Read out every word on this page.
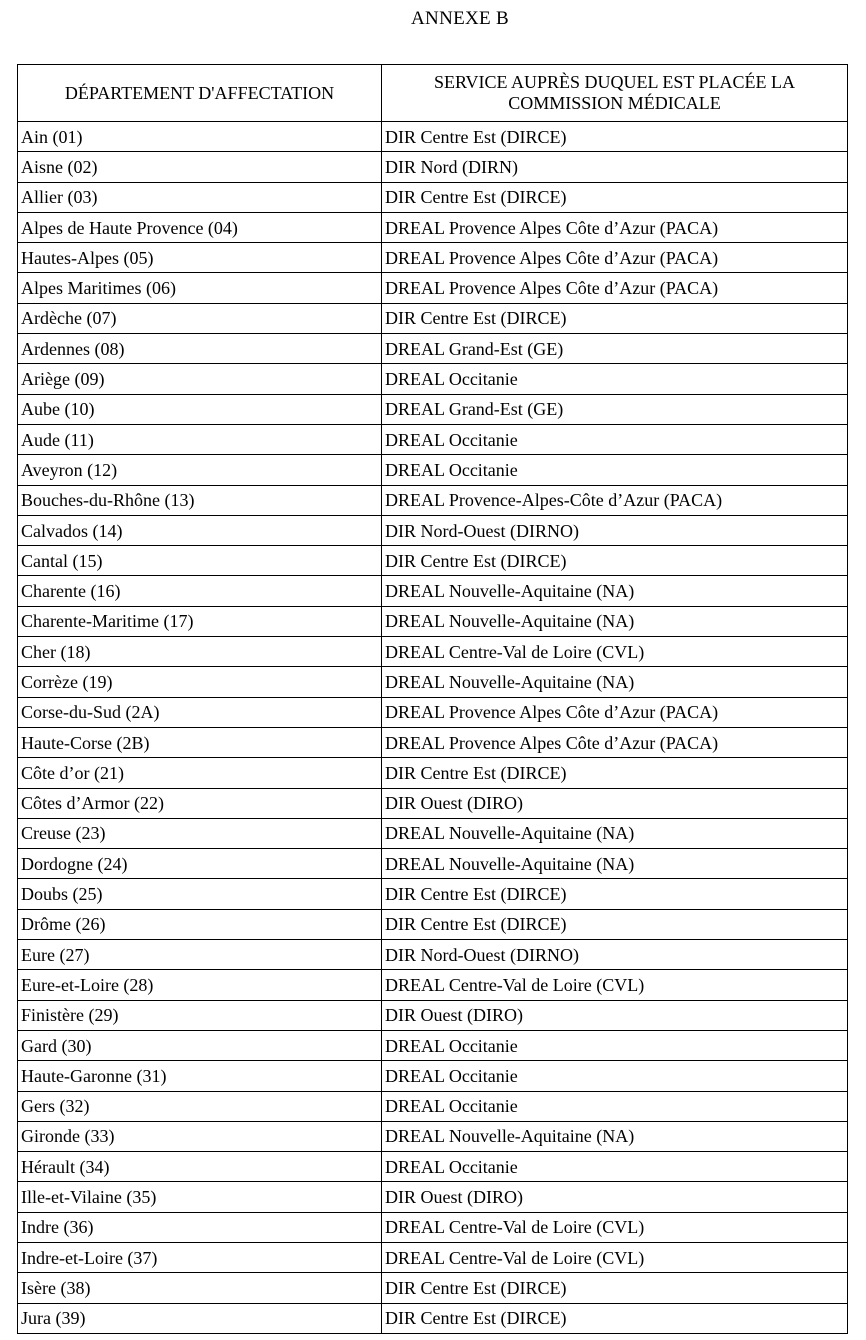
ANNEXE B
DÉPARTEMENT D'AFFECTATION	SERVICE AUPRÈS DUQUEL EST PLACÉE LA COMMISSION MÉDICALE
Ain (01)	DIR Centre Est (DIRCE)
Aisne (02)	DIR Nord (DIRN)
Allier (03)	DIR Centre Est (DIRCE)
Alpes de Haute Provence (04)	DREAL Provence Alpes Côte d’Azur (PACA)
Hautes-Alpes (05)	DREAL Provence Alpes Côte d’Azur (PACA)
Alpes Maritimes (06)	DREAL Provence Alpes Côte d’Azur (PACA)
Ardèche (07)	DIR Centre Est (DIRCE)
Ardennes (08)	DREAL Grand-Est (GE)
Ariège (09)	DREAL Occitanie
Aube (10)	DREAL Grand-Est (GE)
Aude (11)	DREAL Occitanie
Aveyron (12)	DREAL Occitanie
Bouches-du-Rhône (13)	DREAL Provence-Alpes-Côte d’Azur (PACA)
Calvados (14)	DIR Nord-Ouest (DIRNO)
Cantal (15)	DIR Centre Est (DIRCE)
Charente (16)	DREAL Nouvelle-Aquitaine (NA)
Charente-Maritime (17)	DREAL Nouvelle-Aquitaine (NA)
Cher (18)	DREAL Centre-Val de Loire (CVL)
Corrèze (19)	DREAL Nouvelle-Aquitaine (NA)
Corse-du-Sud (2A)	DREAL Provence Alpes Côte d’Azur (PACA)
Haute-Corse (2B)	DREAL Provence Alpes Côte d’Azur (PACA)
Côte d’or (21)	DIR Centre Est (DIRCE)
Côtes d’Armor (22)	DIR Ouest (DIRO)
Creuse (23)	DREAL Nouvelle-Aquitaine (NA)
Dordogne (24)	DREAL Nouvelle-Aquitaine (NA)
Doubs (25)	DIR Centre Est (DIRCE)
Drôme (26)	DIR Centre Est (DIRCE)
Eure (27)	DIR Nord-Ouest (DIRNO)
Eure-et-Loire (28)	DREAL Centre-Val de Loire (CVL)
Finistère (29)	DIR Ouest (DIRO)
Gard (30)	DREAL Occitanie
Haute-Garonne (31)	DREAL Occitanie
Gers (32)	DREAL Occitanie
Gironde (33)	DREAL Nouvelle-Aquitaine (NA)
Hérault (34)	DREAL Occitanie
Ille-et-Vilaine (35)	DIR Ouest (DIRO)
Indre (36)	DREAL Centre-Val de Loire (CVL)
Indre-et-Loire (37)	DREAL Centre-Val de Loire (CVL)
Isère (38)	DIR Centre Est (DIRCE)
Jura (39)	DIR Centre Est (DIRCE)
